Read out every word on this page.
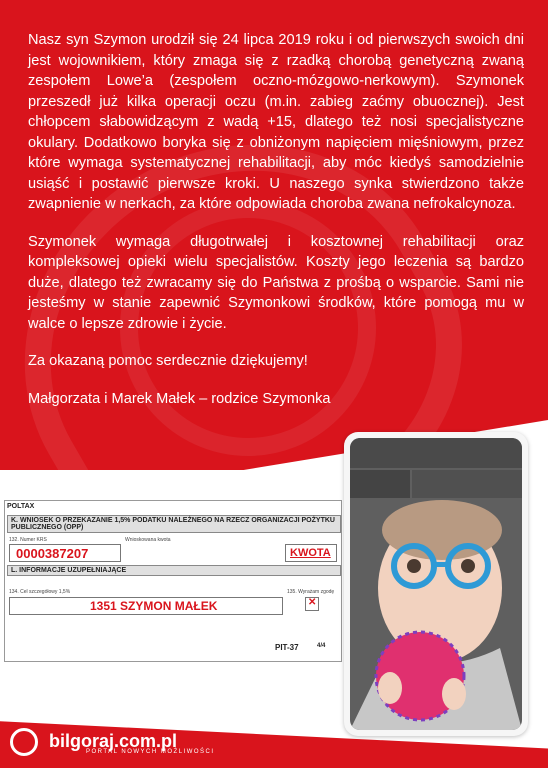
Nasz syn Szymon urodził się 24 lipca 2019 roku i od pierwszych swoich dni jest wojownikiem, który zmaga się z rzadką chorobą genetyczną zwaną zespołem Lowe’a (zespołem oczno-mózgowo-nerkowym). Szymonek przeszedł już kilka operacji oczu (m.in. zabieg zaćmy obuocznej). Jest chłopcem słabowidzącym z wadą +15, dlatego też nosi specjalistyczne okulary. Dodatkowo boryka się z obniżonym napięciem mięśniowym, przez które wymaga systematycznej rehabilitacji, aby móc kiedyś samodzielnie usiąść i postawić pierwsze kroki. U naszego synka stwierdzono także zwapnienie w nerkach, za które odpowiada choroba zwana nefrokalcynoza.

Szymonek wymaga długotrwałej i kosztownej rehabilitacji oraz kompleksowej opieki wielu specjalistów. Koszty jego leczenia są bardzo duże, dlatego też zwracamy się do Państwa z prośbą o wsparcie. Sami nie jesteśmy w stanie zapewnić Szymonkowi środków, które pomogą mu w walce o lepsze zdrowie i życie.

Za okazaną pomoc serdecznie dziękujemy!

Małgorzata i Marek Małek – rodzice Szymonka

POLTAX
K. WNIOSEK O PRZEKAZANIE 1,5% PODATKU NALEŻNEGO NA RZECZ ORGANIZACJI POŻYTKU PUBLICZNEGO (OPP)
132. Numer KRS
0000387207
Wnioskowana kwota
KWOTA
L. INFORMACJE UZUPEŁNIAJĄCE
134. Cel szczegółowy 1,5%
1351 SZYMON MAŁEK
135. Wyrażam zgodę
✕
PIT-37	4/4
Miejscowość: Korczów
bilgoraj.com.pl
PORTAL NOWYCH MOŻLIWOŚCI
